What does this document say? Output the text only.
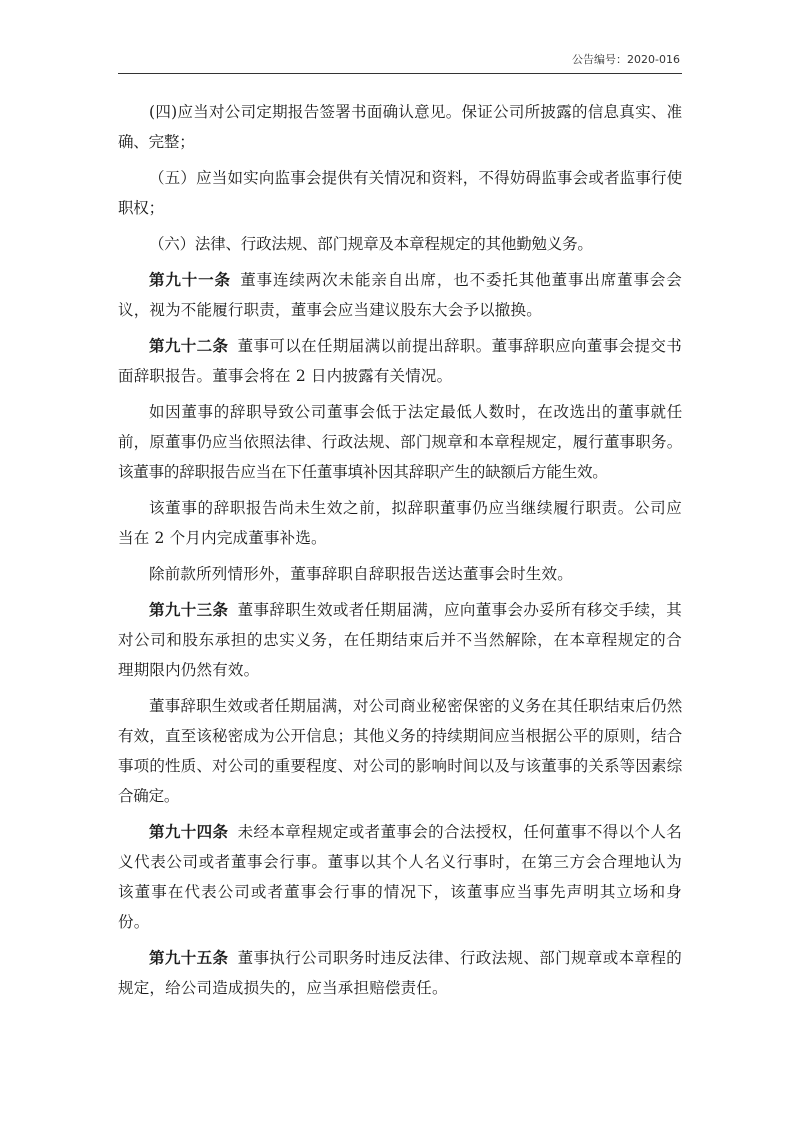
公告编号：2020-016

(四)应当对公司定期报告签署书面确认意见。保证公司所披露的信息真实、准确、完整；

（五）应当如实向监事会提供有关情况和资料，不得妨碍监事会或者监事行使职权；

（六）法律、行政法规、部门规章及本章程规定的其他勤勉义务。

第九十一条 董事连续两次未能亲自出席，也不委托其他董事出席董事会会议，视为不能履行职责，董事会应当建议股东大会予以撤换。

第九十二条 董事可以在任期届满以前提出辞职。董事辞职应向董事会提交书面辞职报告。董事会将在 2 日内披露有关情况。

如因董事的辞职导致公司董事会低于法定最低人数时，在改选出的董事就任前，原董事仍应当依照法律、行政法规、部门规章和本章程规定，履行董事职务。该董事的辞职报告应当在下任董事填补因其辞职产生的缺额后方能生效。

该董事的辞职报告尚未生效之前，拟辞职董事仍应当继续履行职责。公司应当在 2 个月内完成董事补选。

除前款所列情形外，董事辞职自辞职报告送达董事会时生效。

第九十三条 董事辞职生效或者任期届满，应向董事会办妥所有移交手续，其对公司和股东承担的忠实义务，在任期结束后并不当然解除，在本章程规定的合理期限内仍然有效。

董事辞职生效或者任期届满，对公司商业秘密保密的义务在其任职结束后仍然有效，直至该秘密成为公开信息；其他义务的持续期间应当根据公平的原则，结合事项的性质、对公司的重要程度、对公司的影响时间以及与该董事的关系等因素综合确定。

第九十四条 未经本章程规定或者董事会的合法授权，任何董事不得以个人名义代表公司或者董事会行事。董事以其个人名义行事时，在第三方会合理地认为该董事在代表公司或者董事会行事的情况下，该董事应当事先声明其立场和身份。

第九十五条 董事执行公司职务时违反法律、行政法规、部门规章或本章程的规定，给公司造成损失的，应当承担赔偿责任。
